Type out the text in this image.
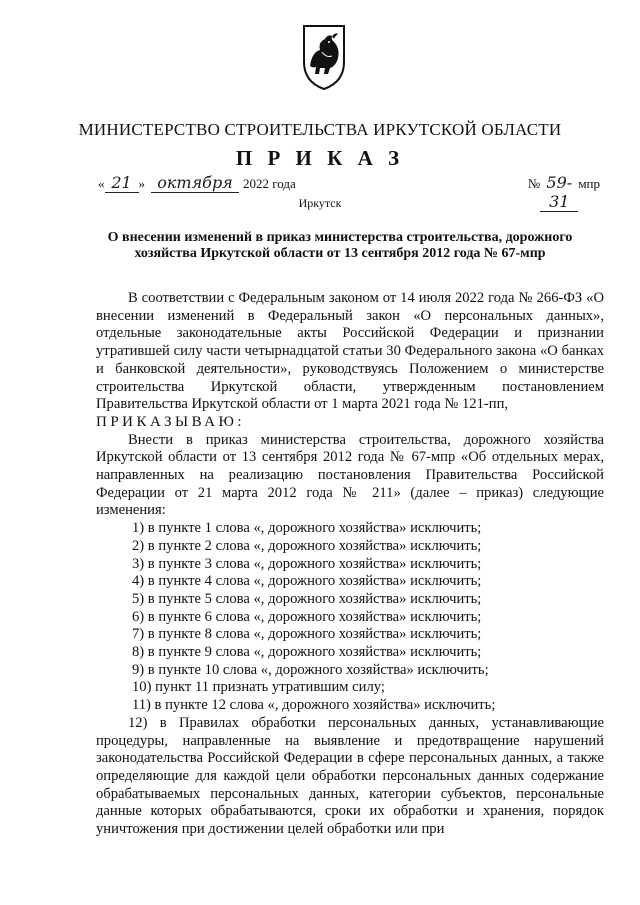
МИНИСТЕРСТВО СТРОИТЕЛЬСТВА ИРКУТСКОЙ ОБЛАСТИ
П Р И К А З
« 21 » октября 2022 года	№ 59-31
мпр
Иркутск
О внесении изменений в приказ министерства строительства, дорожного хозяйства Иркутской области от 13 сентября 2012 года № 67-мпр

В соответствии с Федеральным законом от 14 июля 2022 года № 266-ФЗ «О внесении изменений в Федеральный закон «О персональных данных», отдельные законодательные акты Российской Федерации и признании утратившей силу части четырнадцатой статьи 30 Федерального закона «О банках и банковской деятельности», руководствуясь Положением о министерстве строительства Иркутской области, утвержденным постановлением Правительства Иркутской области от 1 марта 2021 года № 121-пп,

ПРИКАЗЫВАЮ:

Внести в приказ министерства строительства, дорожного хозяйства Иркутской области от 13 сентября 2012 года № 67-мпр «Об отдельных мерах, направленных на реализацию постановления Правительства Российской Федерации от 21 марта 2012 года № 211» (далее – приказ) следующие изменения:

1) в пункте 1 слова «, дорожного хозяйства» исключить;

2) в пункте 2 слова «, дорожного хозяйства» исключить;

3) в пункте 3 слова «, дорожного хозяйства» исключить;

4) в пункте 4 слова «, дорожного хозяйства» исключить;

5) в пункте 5 слова «, дорожного хозяйства» исключить;

6) в пункте 6 слова «, дорожного хозяйства» исключить;

7) в пункте 8 слова «, дорожного хозяйства» исключить;

8) в пункте 9 слова «, дорожного хозяйства» исключить;

9) в пункте 10 слова «, дорожного хозяйства» исключить;

10) пункт 11 признать утратившим силу;

11) в пункте 12 слова «, дорожного хозяйства» исключить;

12) в Правилах обработки персональных данных, устанавливающие процедуры, направленные на выявление и предотвращение нарушений законодательства Российской Федерации в сфере персональных данных, а также определяющие для каждой цели обработки персональных данных содержание обрабатываемых персональных данных, категории субъектов, персональные данные которых обрабатываются, сроки их обработки и хранения, порядок уничтожения при достижении целей обработки или при
